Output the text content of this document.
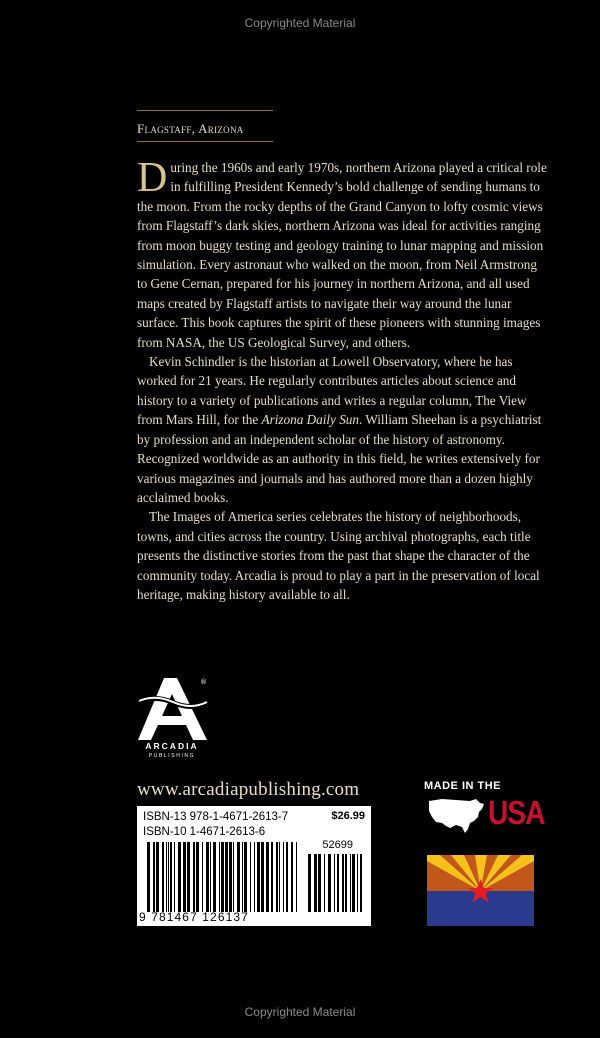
Copyrighted Material
Flagstaff, Arizona

During the 1960s and early 1970s, northern Arizona played a critical role in fulfilling President Kennedy’s bold challenge of sending humans to the moon. From the rocky depths of the Grand Canyon to lofty cosmic views from Flagstaff’s dark skies, northern Arizona was ideal for activities ranging from moon buggy testing and geology training to lunar mapping and mission simulation. Every astronaut who walked on the moon, from Neil Armstrong to Gene Cernan, prepared for his journey in northern Arizona, and all used maps created by Flagstaff artists to navigate their way around the lunar surface. This book captures the spirit of these pioneers with stunning images from NASA, the US Geological Survey, and others.

Kevin Schindler is the historian at Lowell Observatory, where he has worked for 21 years. He regularly contributes articles about science and history to a variety of publications and writes a regular column, The View from Mars Hill, for the Arizona Daily Sun. William Sheehan is a psychiatrist by profession and an independent scholar of the history of astronomy. Recognized worldwide as an authority in this field, he writes extensively for various magazines and journals and has authored more than a dozen highly acclaimed books.

The Images of America series celebrates the history of neighborhoods, towns, and cities across the country. Using archival photographs, each title presents the distinctive stories from the past that shape the character of the community today. Arcadia is proud to play a part in the preservation of local heritage, making history available to all.

®
ARCADIA
PUBLISHING
www.arcadiapublishing.com
ISBN-13 978-1-4671-2613-7
ISBN-10 1-4671-2613-6
$26.99
52699
9 781467 126137
MADE IN THE
USA
Copyrighted Material
